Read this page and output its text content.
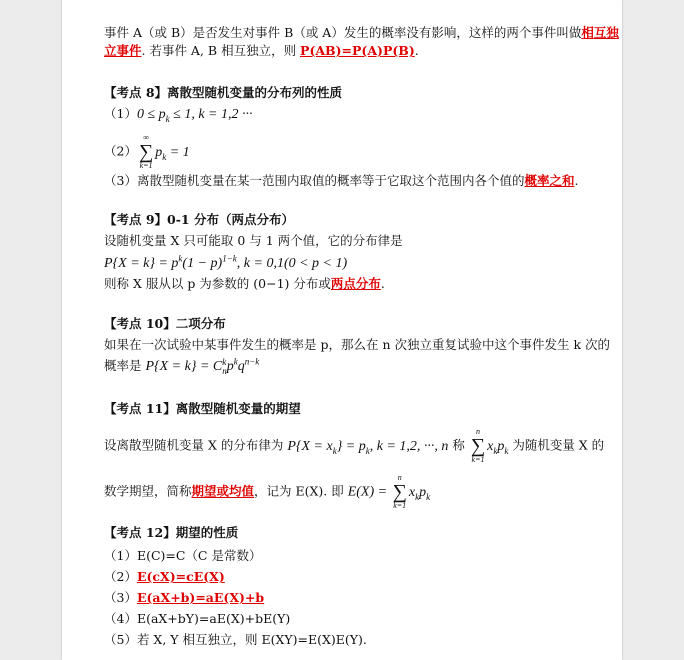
事件 A（或 B）是否发生对事件 B（或 A）发生的概率没有影响，这样的两个事件叫做相互独
立事件. 若事件 A, B 相互独立，则 P(AB)=P(A)P(B).
【考点 8】离散型随机变量的分布列的性质
$(1)0 \le p_k \le 1$, k = 1,2 ···
（2）
∞
∑
k=1
$p_k = 1$
（3）离散型随机变量在某一范围内取值的概率等于它取这个范围内各个值的概率之和.
【考点 9】0-1 分布（两点分布）
设随机变量 X 只可能取 0 与 1 两个值，它的分布律是
$P\{X = k\} = p^k(1 - p)^{1-k}$, k = 0,1(0 < p < 1)
则称 X 服从以 p 为参数的 (0−1) 分布或两点分布.
【考点 10】二项分布
如果在一次试验中某事件发生的概率是 p，那么在 n 次独立重复试验中这个事件发生 k 次的
概率是 P{X = k} = C k
n $p^kq^{n-k}$
【考点 11】离散型随机变量的期望
设离散型随机变量 X 的分布律为 $P\{X = x_k\} = p_k$, k = 1,2, ···, n 称
n
∑
k=1
$x_kp_k$ 为随机变量 X 的
数学期望，简称期望或均值，记为 E(X). 即 E(X) =
n
∑
k=1
$x_kp_k$
【考点 12】期望的性质
（1）E(C)=C（C 是常数）
（2）E(cX)=cE(X)
（3）E(aX+b)=aE(X)+b
（4）E(aX+bY)=aE(X)+bE(Y)
（5）若 X, Y 相互独立，则 E(XY)=E(X)E(Y).
